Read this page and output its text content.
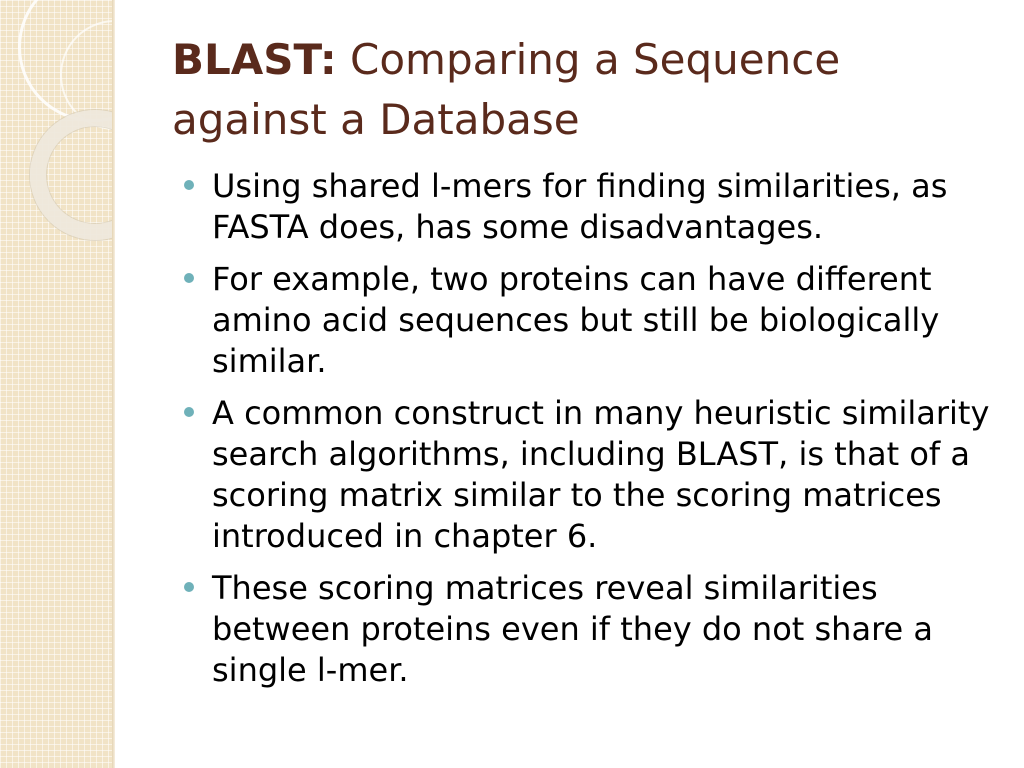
BLAST: Comparing a Sequence against a Database
Using shared l-mers for finding similarities, as FASTA does, has some disadvantages.
For example, two proteins can have different amino acid sequences but still be biologically similar.
A common construct in many heuristic similarity search algorithms, including BLAST, is that of a scoring matrix similar to the scoring matrices introduced in chapter 6.
These scoring matrices reveal similarities between proteins even if they do not share a single l-mer.
